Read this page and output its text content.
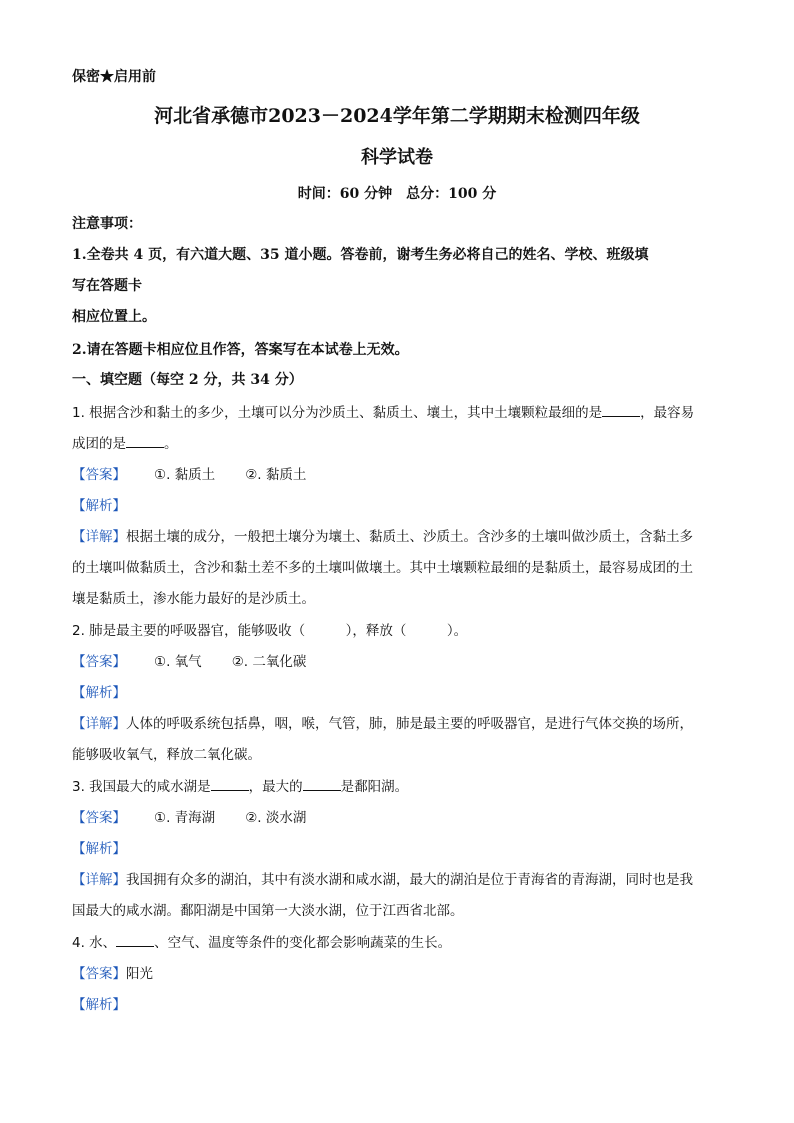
保密★启用前
河北省承德市2023－2024学年第二学期期末检测四年级
科学试卷
时间：60 分钟　总分：100 分
注意事项：
1.全卷共 4 页，有六道大题、35 道小题。答卷前，谢考生务必将自己的姓名、学校、班级填
写在答题卡
相应位置上。
2.请在答题卡相应位且作答，答案写在本试卷上无效。
一、填空题（每空 2 分，共 34 分）
1. 根据含沙和黏土的多少，土壤可以分为沙质土、黏质土、壤土，其中土壤颗粒最细的是	，最容易
成团的是	。
【答案】 ①. 黏质土 ②. 黏质土
【解析】
【详解】根据土壤的成分，一般把土壤分为壤土、黏质土、沙质土。含沙多的土壤叫做沙质土，含黏土多
的土壤叫做黏质土，含沙和黏土差不多的土壤叫做壤土。其中土壤颗粒最细的是黏质土，最容易成团的土
壤是黏质土，渗水能力最好的是沙质土。
2. 肺是最主要的呼吸器官，能够吸收（　　　），释放（　　　）。
【答案】 ①. 氧气 ②. 二氧化碳
【解析】
【详解】人体的呼吸系统包括鼻，咽，喉，气管，肺，肺是最主要的呼吸器官，是进行气体交换的场所，
能够吸收氧气，释放二氧化碳。
3. 我国最大的咸水湖是	，最大的	是鄱阳湖。
【答案】 ①. 青海湖 ②. 淡水湖
【解析】
【详解】我国拥有众多的湖泊，其中有淡水湖和咸水湖，最大的湖泊是位于青海省的青海湖，同时也是我
国最大的咸水湖。鄱阳湖是中国第一大淡水湖，位于江西省北部。
4. 水、	、空气、温度等条件的变化都会影响蔬菜的生长。
【答案】阳光
【解析】
